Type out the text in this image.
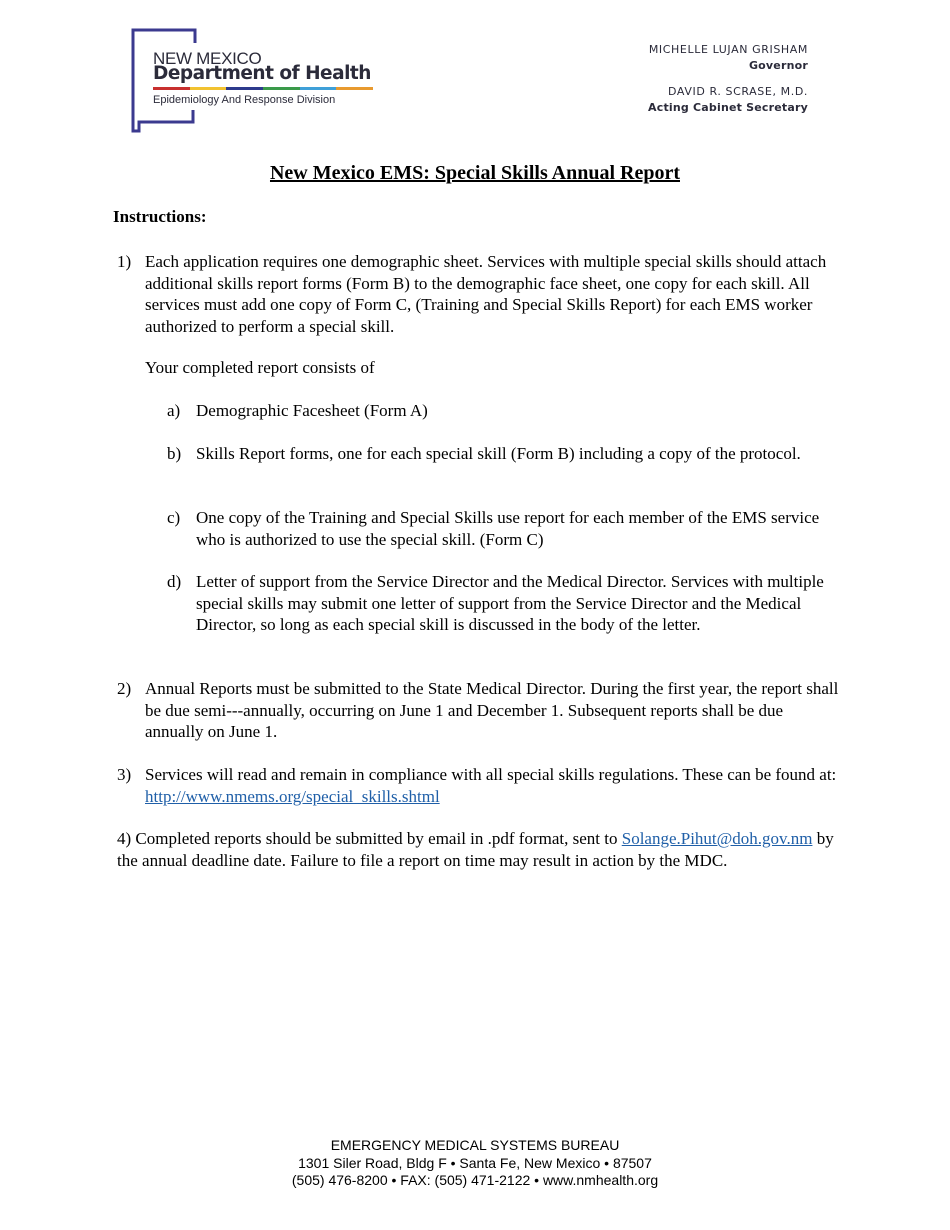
NEW MEXICO
Department of Health
Epidemiology And Response Division
MICHELLE LUJAN GRISHAM
Governor
DAVID R. SCRASE, M.D.
Acting Cabinet Secretary
New Mexico EMS: Special Skills Annual Report
Instructions:
1) Each application requires one demographic sheet. Services with multiple special skills should attach additional skills report forms (Form B) to the demographic face sheet, one copy for each skill. All services must add one copy of Form C, (Training and Special Skills Report) for each EMS worker authorized to perform a special skill.
Your completed report consists of
a) Demographic Facesheet (Form A)
b) Skills Report forms, one for each special skill (Form B) including a copy of the protocol.
c) One copy of the Training and Special Skills use report for each member of the EMS service who is authorized to use the special skill. (Form C)
d) Letter of support from the Service Director and the Medical Director. Services with multiple special skills may submit one letter of support from the Service Director and the Medical Director, so long as each special skill is discussed in the body of the letter.
2) Annual Reports must be submitted to the State Medical Director. During the first year, the report shall be due semi---annually, occurring on June 1 and December 1. Subsequent reports shall be due annually on June 1.
3) Services will read and remain in compliance with all special skills regulations. These can be found at: http://www.nmems.org/special_skills.shtml
4) Completed reports should be submitted by email in .pdf format, sent to Solange.Pihut@doh.gov.nm by the annual deadline date. Failure to file a report on time may result in action by the MDC.
EMERGENCY MEDICAL SYSTEMS BUREAU
1301 Siler Road, Bldg F • Santa Fe, New Mexico • 87507
(505) 476-8200 • FAX: (505) 471-2122 • www.nmhealth.org
